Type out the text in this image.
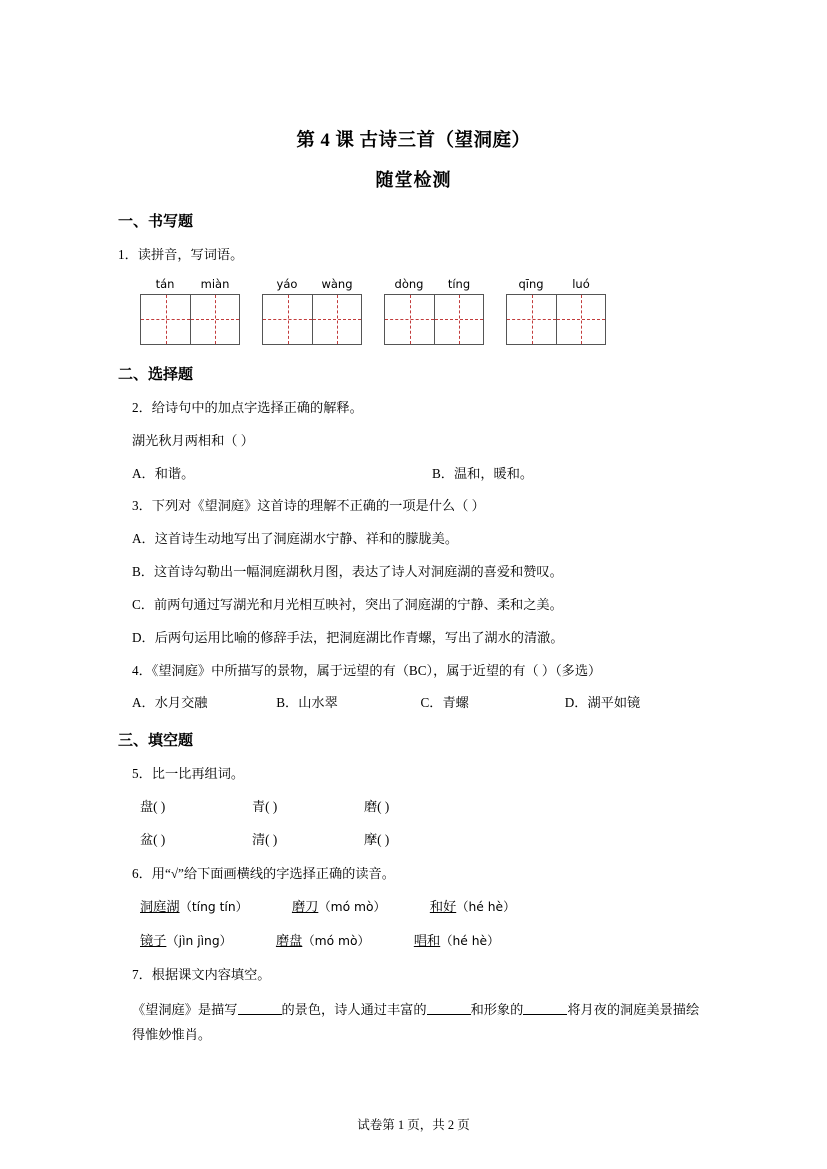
第 4 课 古诗三首（望洞庭）
随堂检测
一、书写题
1．读拼音，写词语。
tán	miàn	yáo	wàng	dòng	tíng	qīng	luó
二、选择题
2．给诗句中的加点字选择正确的解释。
湖光秋月两相和（ ）
A．和谐。	B．温和，暖和。
3．下列对《望洞庭》这首诗的理解不正确的一项是什么（ ）
A．这首诗生动地写出了洞庭湖水宁静、祥和的朦胧美。
B．这首诗勾勒出一幅洞庭湖秋月图，表达了诗人对洞庭湖的喜爱和赞叹。
C．前两句通过写湖光和月光相互映衬，突出了洞庭湖的宁静、柔和之美。
D．后两句运用比喻的修辞手法，把洞庭湖比作青螺，写出了湖水的清澈。
4．《望洞庭》中所描写的景物，属于远望的有（BC），属于近望的有（ ）（多选）
A．水月交融	B．山水翠	C．青螺	D．湖平如镜
三、填空题
5．比一比再组词。
盘( )	青( )	磨( )
盆( )	清( )	摩( )
6．用“√”给下面画横线的字选择正确的读音。
洞庭湖（tíng tín）	磨刀（mó mò）	和好（hé hè）
镜子（jìn jìng）	磨盘（mó mò）	唱和（hé hè）
7．根据课文内容填空。
《望洞庭》是描写	的景色，诗人通过丰富的	和形象的	将月夜的洞庭美景描绘得惟妙惟肖。
试卷第 1 页，共 2 页
